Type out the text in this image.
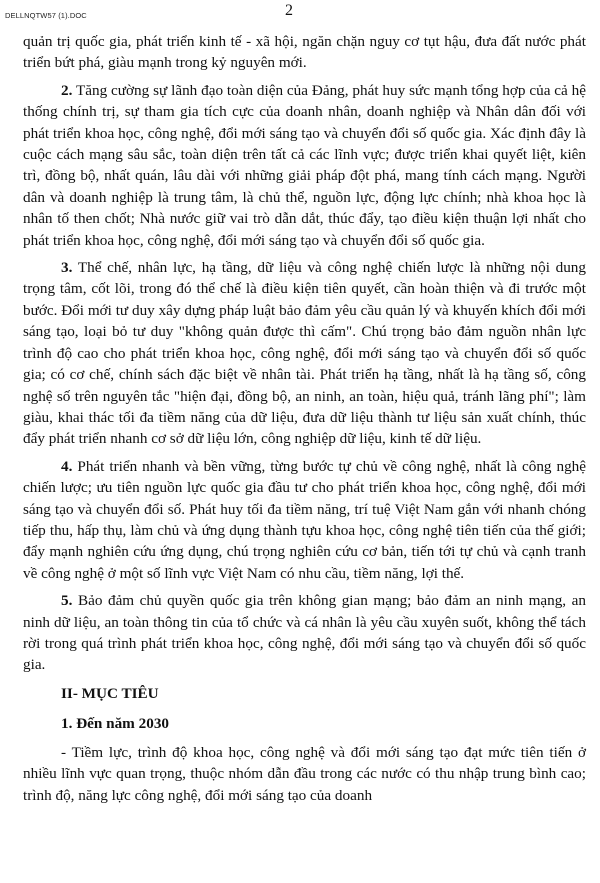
DELLNQTW57 (1).DOC	2

quản trị quốc gia, phát triển kinh tế - xã hội, ngăn chặn nguy cơ tụt hậu, đưa đất nước phát triển bứt phá, giàu mạnh trong kỷ nguyên mới.

2. Tăng cường sự lãnh đạo toàn diện của Đảng, phát huy sức mạnh tổng hợp của cả hệ thống chính trị, sự tham gia tích cực của doanh nhân, doanh nghiệp và Nhân dân đối với phát triển khoa học, công nghệ, đổi mới sáng tạo và chuyển đổi số quốc gia. Xác định đây là cuộc cách mạng sâu sắc, toàn diện trên tất cả các lĩnh vực; được triển khai quyết liệt, kiên trì, đồng bộ, nhất quán, lâu dài với những giải pháp đột phá, mang tính cách mạng. Người dân và doanh nghiệp là trung tâm, là chủ thể, nguồn lực, động lực chính; nhà khoa học là nhân tố then chốt; Nhà nước giữ vai trò dẫn dắt, thúc đẩy, tạo điều kiện thuận lợi nhất cho phát triển khoa học, công nghệ, đổi mới sáng tạo và chuyển đổi số quốc gia.

3. Thể chế, nhân lực, hạ tầng, dữ liệu và công nghệ chiến lược là những nội dung trọng tâm, cốt lõi, trong đó thể chế là điều kiện tiên quyết, cần hoàn thiện và đi trước một bước. Đổi mới tư duy xây dựng pháp luật bảo đảm yêu cầu quản lý và khuyến khích đổi mới sáng tạo, loại bỏ tư duy "không quản được thì cấm". Chú trọng bảo đảm nguồn nhân lực trình độ cao cho phát triển khoa học, công nghệ, đổi mới sáng tạo và chuyển đổi số quốc gia; có cơ chế, chính sách đặc biệt về nhân tài. Phát triển hạ tầng, nhất là hạ tầng số, công nghệ số trên nguyên tắc "hiện đại, đồng bộ, an ninh, an toàn, hiệu quả, tránh lãng phí"; làm giàu, khai thác tối đa tiềm năng của dữ liệu, đưa dữ liệu thành tư liệu sản xuất chính, thúc đẩy phát triển nhanh cơ sở dữ liệu lớn, công nghiệp dữ liệu, kinh tế dữ liệu.

4. Phát triển nhanh và bền vững, từng bước tự chủ về công nghệ, nhất là công nghệ chiến lược; ưu tiên nguồn lực quốc gia đầu tư cho phát triển khoa học, công nghệ, đổi mới sáng tạo và chuyển đổi số. Phát huy tối đa tiềm năng, trí tuệ Việt Nam gắn với nhanh chóng tiếp thu, hấp thụ, làm chủ và ứng dụng thành tựu khoa học, công nghệ tiên tiến của thế giới; đẩy mạnh nghiên cứu ứng dụng, chú trọng nghiên cứu cơ bản, tiến tới tự chủ và cạnh tranh về công nghệ ở một số lĩnh vực Việt Nam có nhu cầu, tiềm năng, lợi thế.

5. Bảo đảm chủ quyền quốc gia trên không gian mạng; bảo đảm an ninh mạng, an ninh dữ liệu, an toàn thông tin của tổ chức và cá nhân là yêu cầu xuyên suốt, không thể tách rời trong quá trình phát triển khoa học, công nghệ, đổi mới sáng tạo và chuyển đổi số quốc gia.

II- MỤC TIÊU
1. Đến năm 2030

- Tiềm lực, trình độ khoa học, công nghệ và đổi mới sáng tạo đạt mức tiên tiến ở nhiều lĩnh vực quan trọng, thuộc nhóm dẫn đầu trong các nước có thu nhập trung bình cao; trình độ, năng lực công nghệ, đổi mới sáng tạo của doanh
